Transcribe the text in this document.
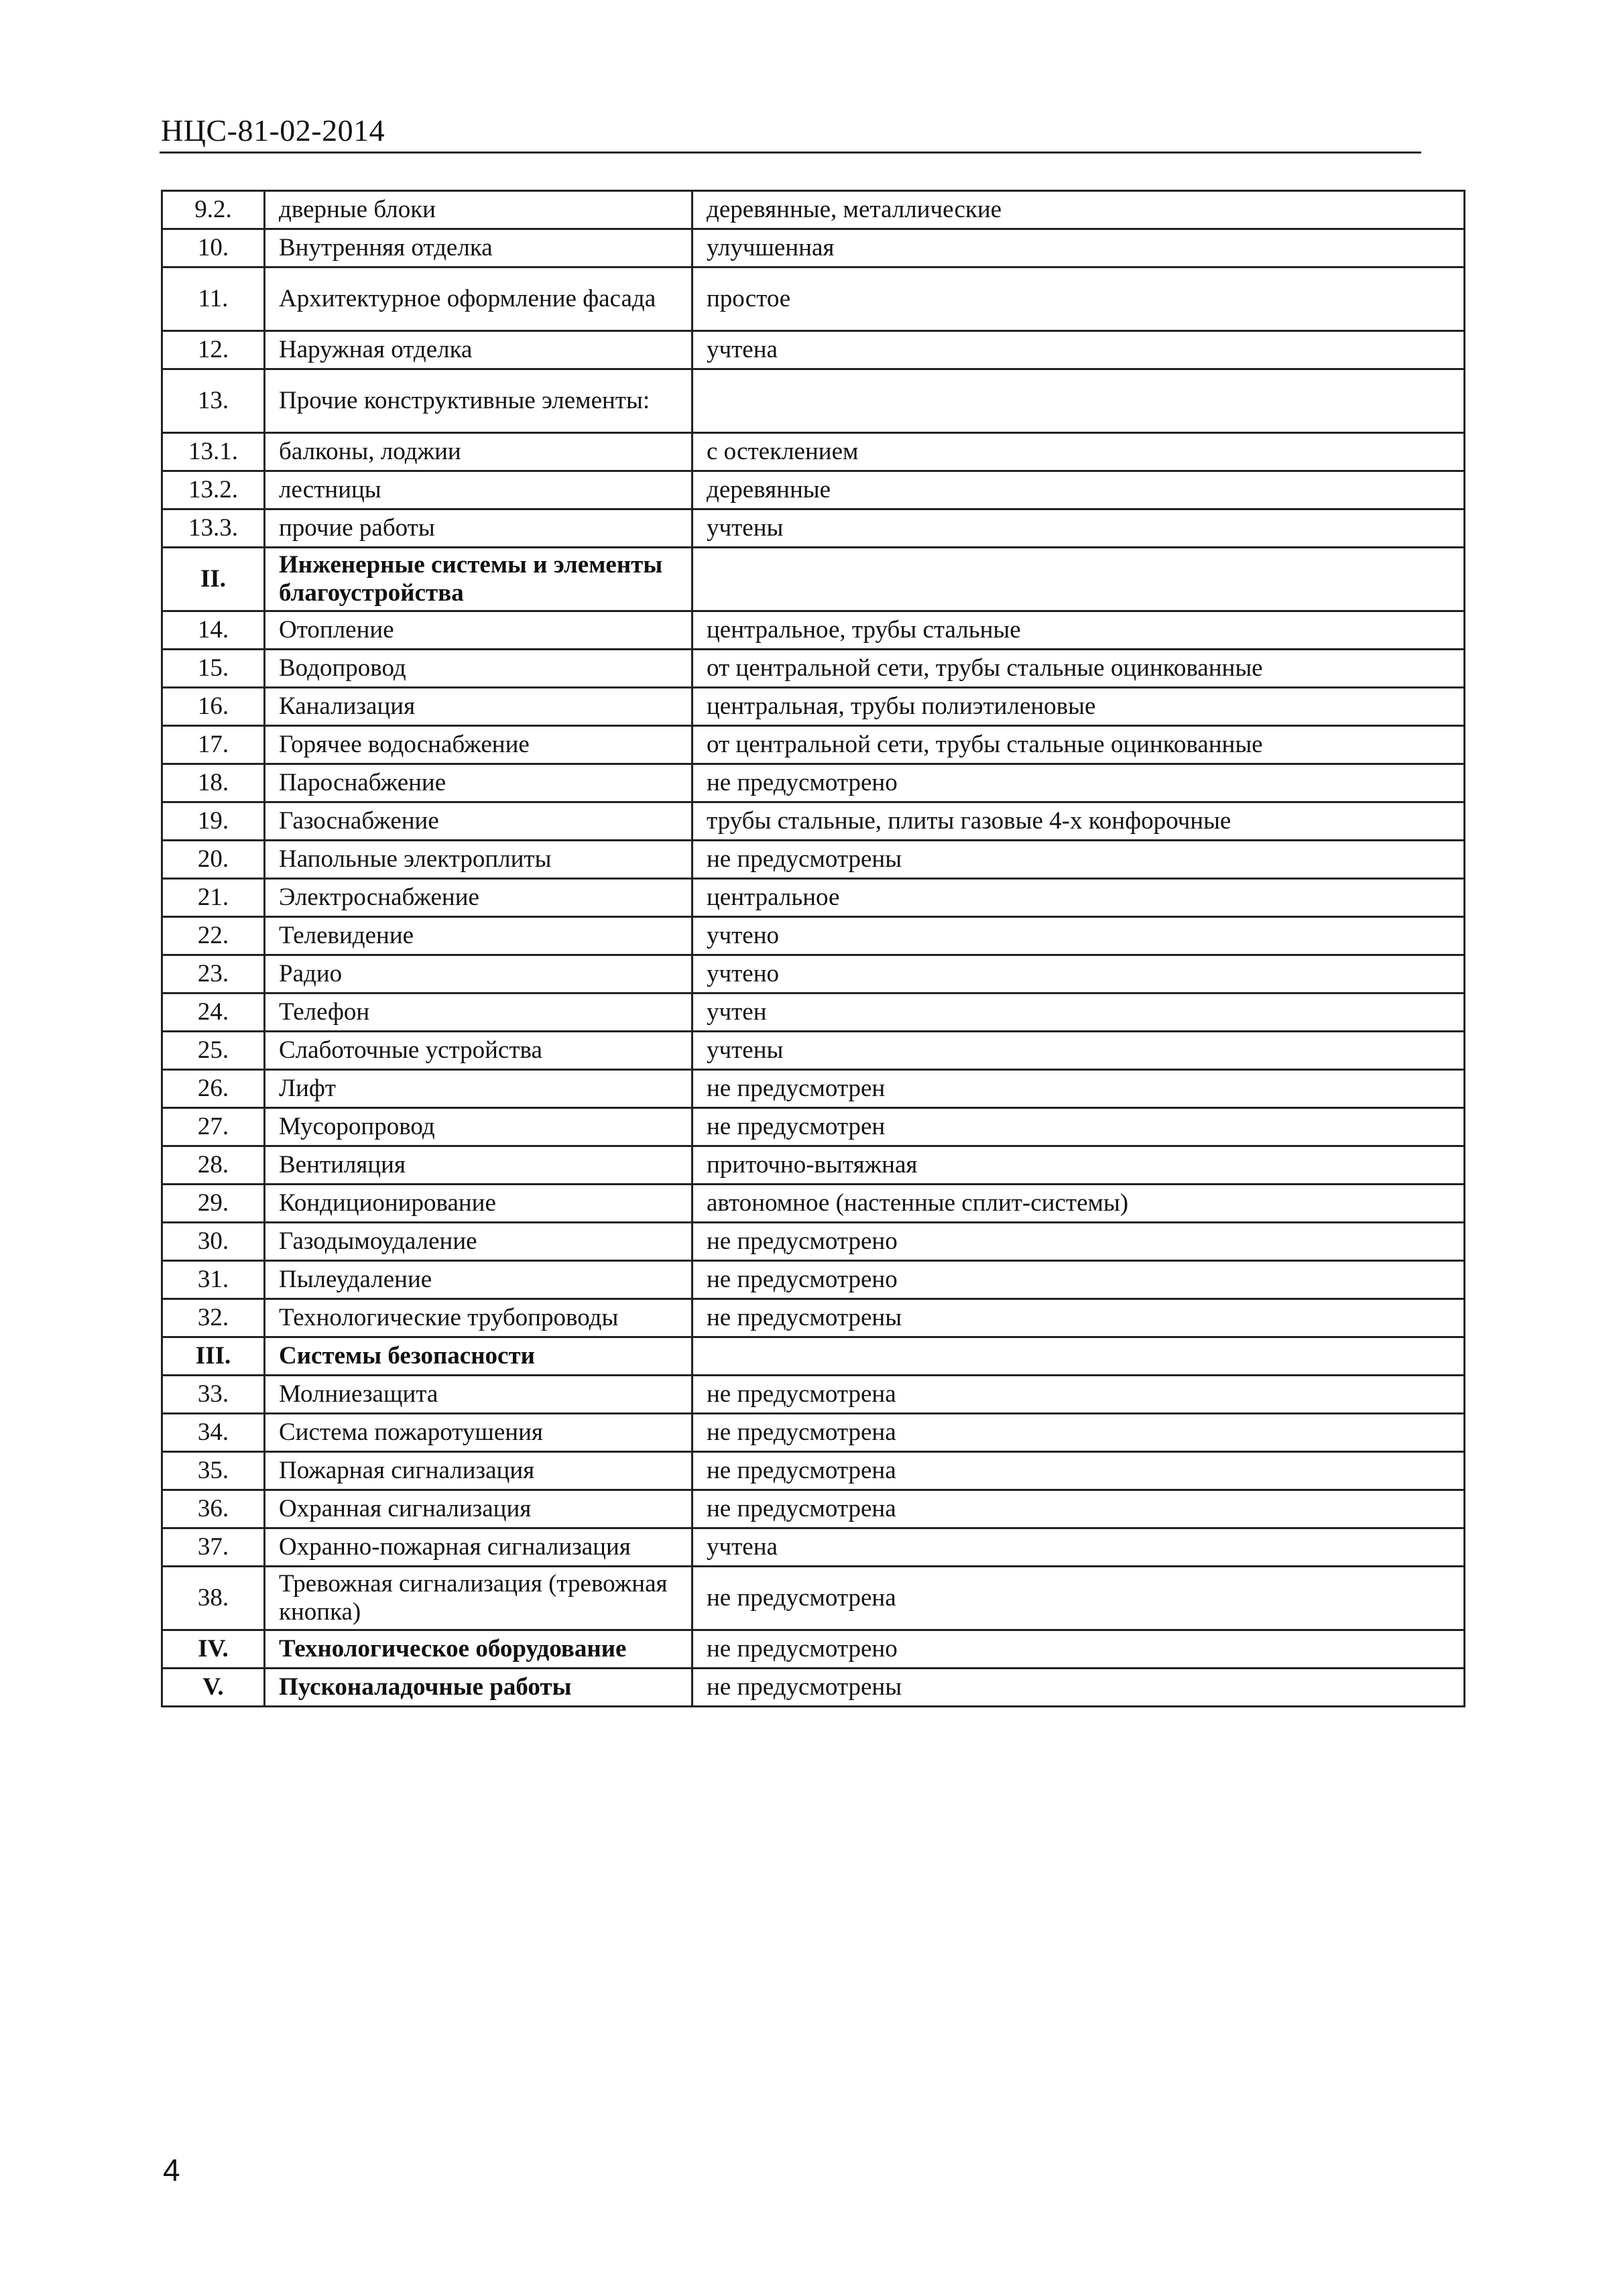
НЦС-81-02-2014
9.2.	дверные блоки	деревянные, металлические
10.	Внутренняя отделка	улучшенная
11.	Архитектурное оформление фасада	простое
12.	Наружная отделка	учтена
13.	Прочие конструктивные элементы:	
13.1.	балконы, лоджии	с остеклением
13.2.	лестницы	деревянные
13.3.	прочие работы	учтены
II.	Инженерные системы и элементы благоустройства	
14.	Отопление	центральное, трубы стальные
15.	Водопровод	от центральной сети, трубы стальные оцинкованные
16.	Канализация	центральная, трубы полиэтиленовые
17.	Горячее водоснабжение	от центральной сети, трубы стальные оцинкованные
18.	Пароснабжение	не предусмотрено
19.	Газоснабжение	трубы стальные, плиты газовые 4-х конфорочные
20.	Напольные электроплиты	не предусмотрены
21.	Электроснабжение	центральное
22.	Телевидение	учтено
23.	Радио	учтено
24.	Телефон	учтен
25.	Слаботочные устройства	учтены
26.	Лифт	не предусмотрен
27.	Мусоропровод	не предусмотрен
28.	Вентиляция	приточно-вытяжная
29.	Кондиционирование	автономное (настенные сплит-системы)
30.	Газодымоудаление	не предусмотрено
31.	Пылеудаление	не предусмотрено
32.	Технологические трубопроводы	не предусмотрены
III.	Системы безопасности	
33.	Молниезащита	не предусмотрена
34.	Система пожаротушения	не предусмотрена
35.	Пожарная сигнализация	не предусмотрена
36.	Охранная сигнализация	не предусмотрена
37.	Охранно-пожарная сигнализация	учтена
38.	Тревожная сигнализация (тревожная кнопка)	не предусмотрена
IV.	Технологическое оборудование	не предусмотрено
V.	Пусконаладочные работы	не предусмотрены
4
